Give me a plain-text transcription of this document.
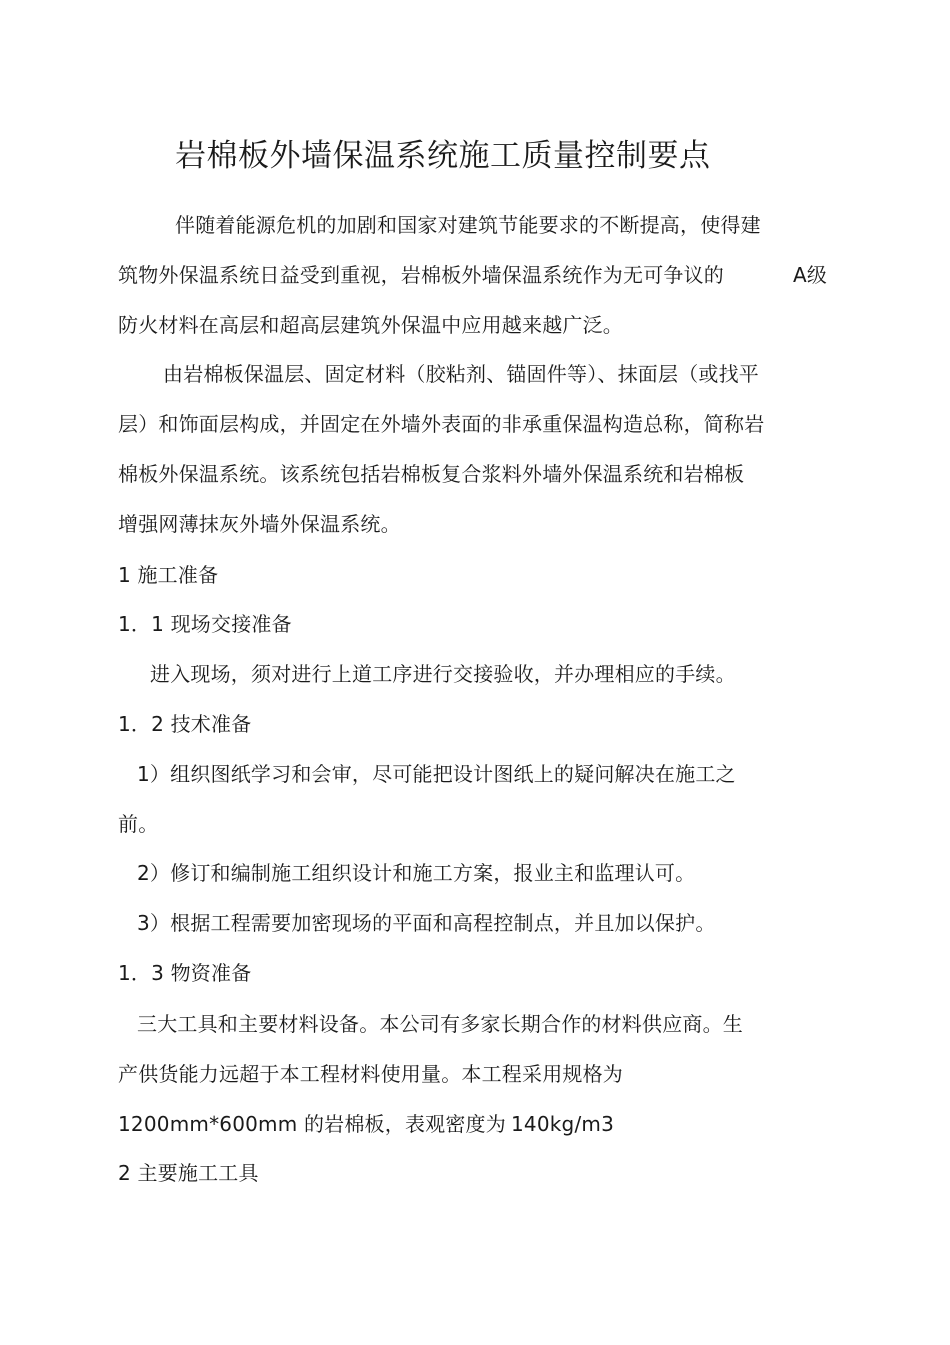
岩棉板外墙保温系统施工质量控制要点
伴随着能源危机的加剧和国家对建筑节能要求的不断提高，使得建
筑物外保温系统日益受到重视，岩棉板外墙保温系统作为无可争议的	A级
防火材料在高层和超高层建筑外保温中应用越来越广泛。
由岩棉板保温层、固定材料（胶粘剂、锚固件等）、抹面层（或找平
层）和饰面层构成，并固定在外墙外表面的非承重保温构造总称，简称岩
棉板外保温系统。该系统包括岩棉板复合浆料外墙外保温系统和岩棉板
增强网薄抹灰外墙外保温系统。
1 施工准备
1．1 现场交接准备
进入现场，须对进行上道工序进行交接验收，并办理相应的手续。
1．2 技术准备
1）组织图纸学习和会审，尽可能把设计图纸上的疑问解决在施工之
前。
2）修订和编制施工组织设计和施工方案，报业主和监理认可。
3）根据工程需要加密现场的平面和高程控制点，并且加以保护。
1．3 物资准备
三大工具和主要材料设备。本公司有多家长期合作的材料供应商。生
产供货能力远超于本工程材料使用量。本工程采用规格为
1200mm*600mm 的岩棉板，表观密度为 140kg/m3
2 主要施工工具
